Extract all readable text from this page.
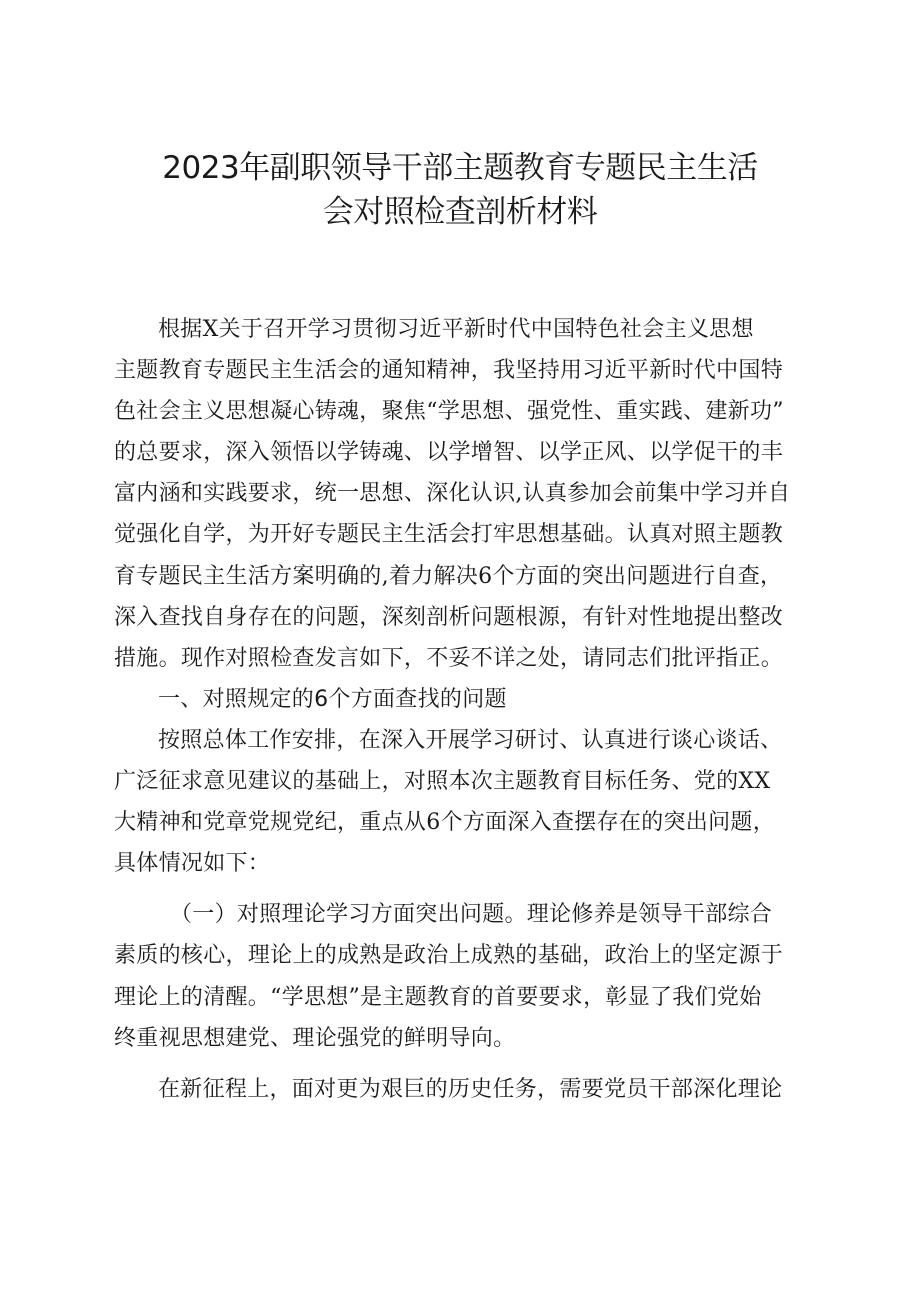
2023年副职领导干部主题教育专题民主生活
会对照检查剖析材料
根据X关于召开学习贯彻习近平新时代中国特色社会主义思想
主题教育专题民主生活会的通知精神，我坚持用习近平新时代中国特
色社会主义思想凝心铸魂，聚焦“学思想、强党性、重实践、建新功”
的总要求，深入领悟以学铸魂、以学增智、以学正风、以学促干的丰
富内涵和实践要求，统一思想、深化认识,认真参加会前集中学习并自
觉强化自学，为开好专题民主生活会打牢思想基础。认真对照主题教
育专题民主生活方案明确的,着力解决6个方面的突出问题进行自查，
深入查找自身存在的问题，深刻剖析问题根源，有针对性地提出整改
措施。现作对照检查发言如下，不妥不详之处，请同志们批评指正。
一、对照规定的6个方面查找的问题
按照总体工作安排，在深入开展学习研讨、认真进行谈心谈话、
广泛征求意见建议的基础上，对照本次主题教育目标任务、党的XX
大精神和党章党规党纪，重点从6个方面深入查摆存在的突出问题，
具体情况如下：
（一）对照理论学习方面突出问题。理论修养是领导干部综合
素质的核心，理论上的成熟是政治上成熟的基础，政治上的坚定源于
理论上的清醒。“学思想”是主题教育的首要要求，彰显了我们党始
终重视思想建党、理论强党的鲜明导向。
在新征程上，面对更为艰巨的历史任务，需要党员干部深化理论
